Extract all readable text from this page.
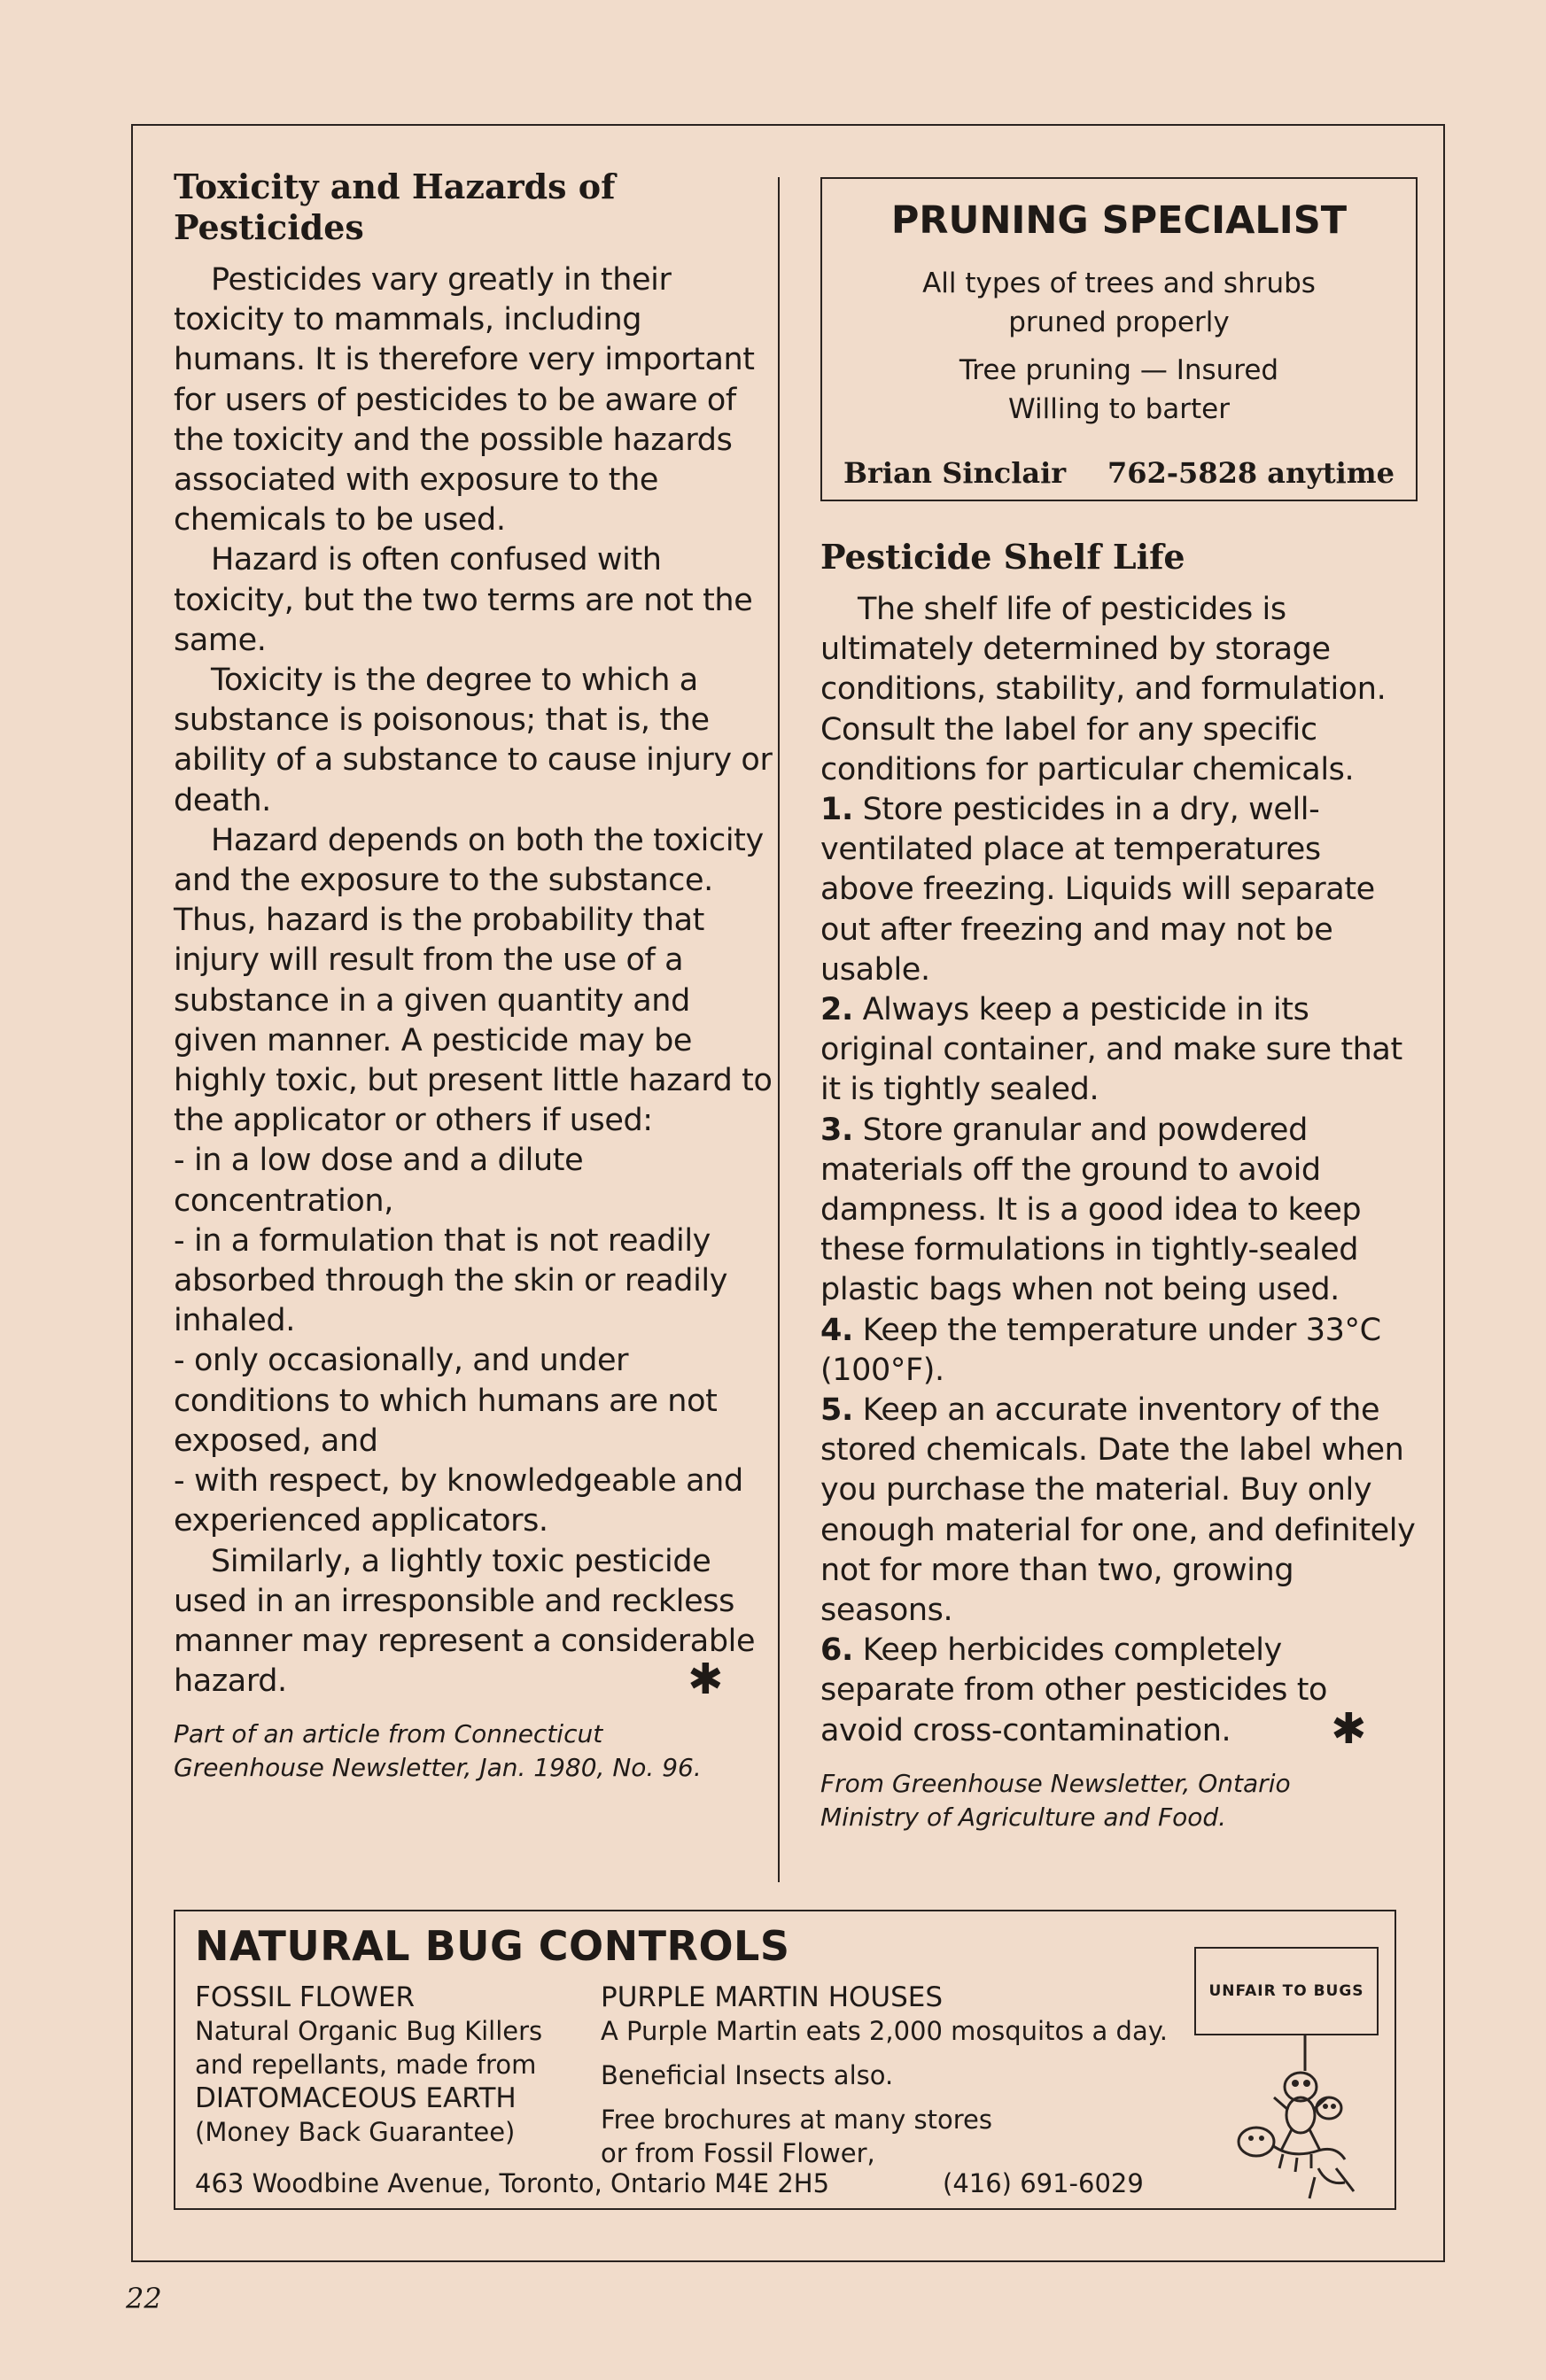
Toxicity and Hazards of Pesticides

Pesticides vary greatly in their toxicity to mammals, including humans. It is therefore very important for users of pesticides to be aware of the toxicity and the possible hazards associated with exposure to the chemicals to be used.

Hazard is often confused with toxicity, but the two terms are not the same.

Toxicity is the degree to which a substance is poisonous; that is, the ability of a substance to cause injury or death.

Hazard depends on both the toxicity and the exposure to the substance. Thus, hazard is the probability that injury will result from the use of a substance in a given quantity and given manner. A pesticide may be highly toxic, but present little hazard to the applicator or others if used:

- in a low dose and a dilute concentration,

- in a formulation that is not readily absorbed through the skin or readily inhaled.

- only occasionally, and under conditions to which humans are not exposed, and

- with respect, by knowledgeable and experienced applicators.

Similarly, a lightly toxic pesticide used in an irresponsible and reckless manner may represent a considerable hazard.	✱

Part of an article from Connecticut
Greenhouse Newsletter, Jan. 1980, No. 96.
PRUNING SPECIALIST
All types of trees and shrubs
pruned properly
Tree pruning — Insured
Willing to barter
Brian Sinclair 762-5828 anytime
Pesticide Shelf Life

The shelf life of pesticides is ultimately determined by storage conditions, stability, and formulation. Consult the label for any specific conditions for particular chemicals.

1. Store pesticides in a dry, well-ventilated place at temperatures above freezing. Liquids will separate out after freezing and may not be usable.

2. Always keep a pesticide in its original container, and make sure that it is tightly sealed.

3. Store granular and powdered materials off the ground to avoid dampness. It is a good idea to keep these formulations in tightly-sealed plastic bags when not being used.

4. Keep the temperature under 33°C (100°F).

5. Keep an accurate inventory of the stored chemicals. Date the label when you purchase the material. Buy only enough material for one, and definitely not for more than two, growing seasons.

6. Keep herbicides completely separate from other pesticides to avoid cross-contamination. ✱

From Greenhouse Newsletter, Ontario
Ministry of Agriculture and Food.
NATURAL BUG CONTROLS
FOSSIL FLOWER
Natural Organic Bug Killers
and repellants, made from
DIATOMACEOUS EARTH
(Money Back Guarantee)
PURPLE MARTIN HOUSES
A Purple Martin eats 2,000 mosquitos a day.
Beneficial Insects also.
Free brochures at many stores
or from Fossil Flower,
463 Woodbine Avenue, Toronto, Ontario M4E 2H5	(416) 691-6029
UNFAIR TO BUGS
22
